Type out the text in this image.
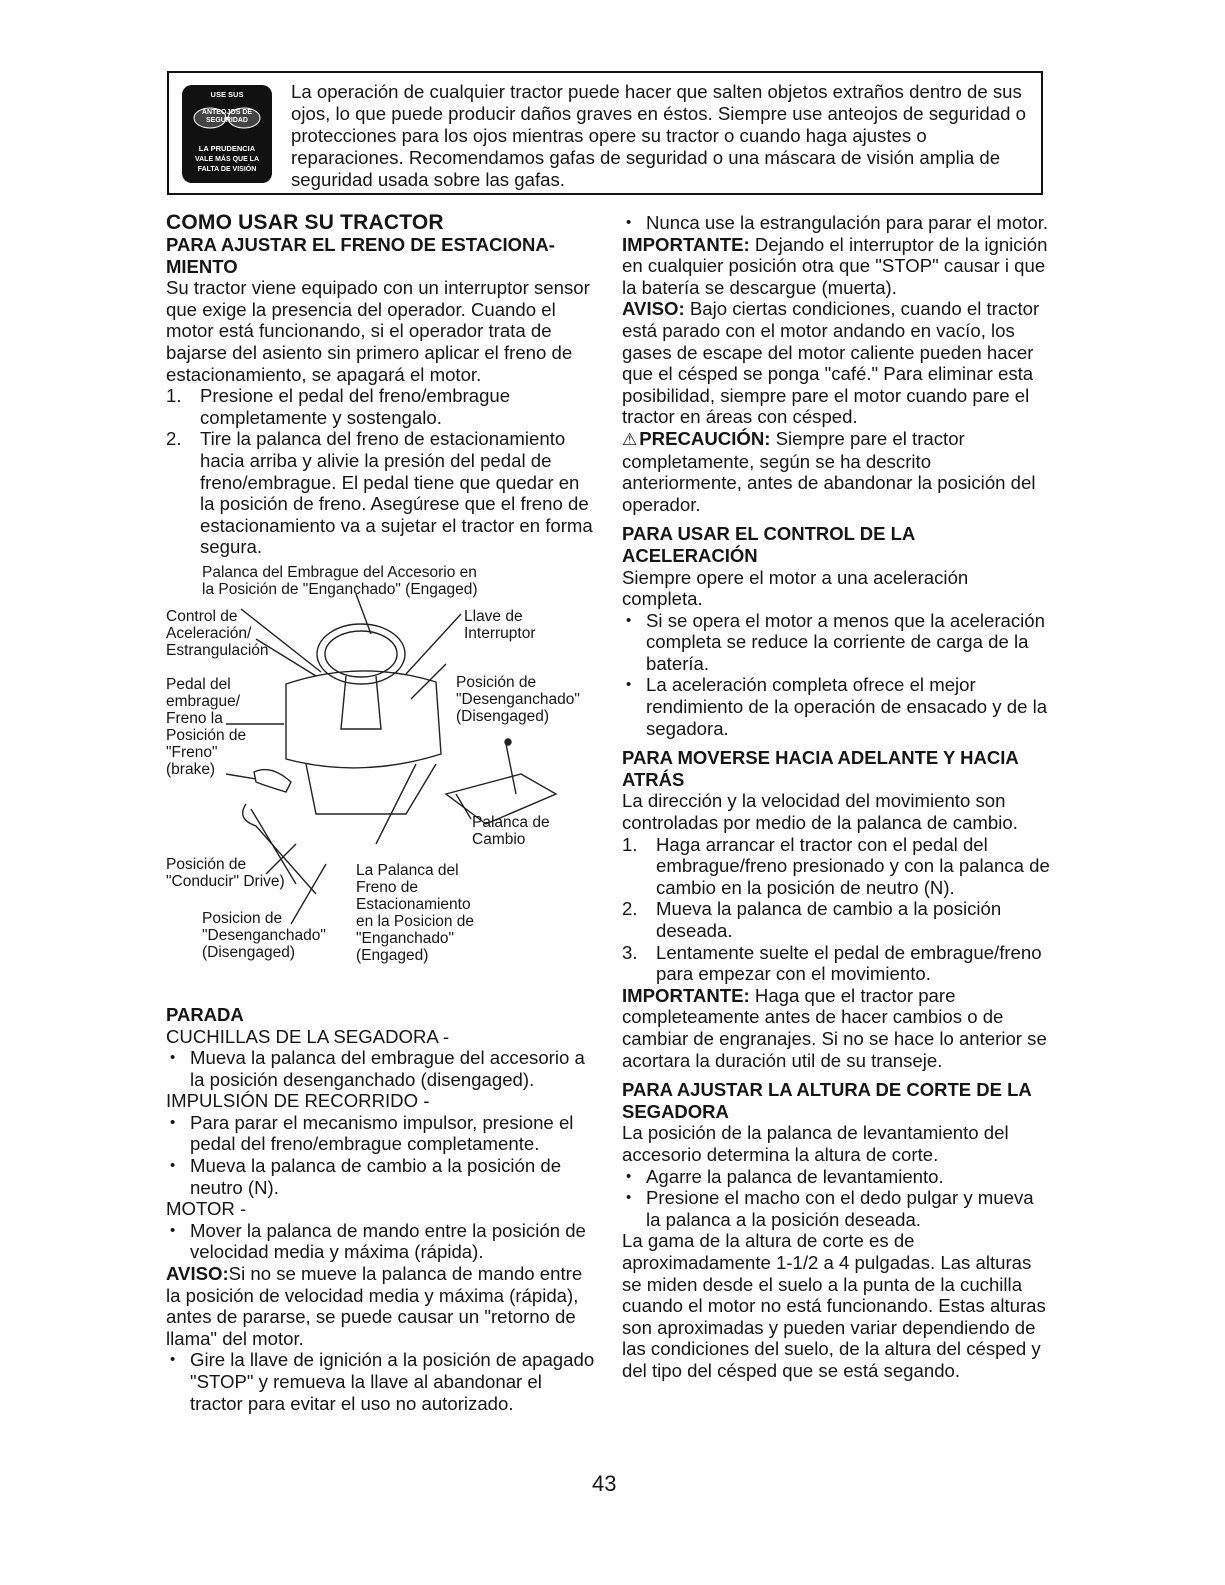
USE SUS
ANTEOJOS DE
SEGURIDAD
LA PRUDENCIA
VALE MÁS QUE LA
FALTA DE VISIÓN

La operación de cualquier tractor puede hacer que salten objetos extraños dentro de sus ojos, lo que puede producir daños graves en éstos. Siempre use anteojos de seguridad o protecciones para los ojos mientras opere su tractor o cuando haga ajustes o reparaciones. Recomendamos gafas de seguridad o una máscara de visión amplia de seguridad usada sobre las gafas.

COMO USAR SU TRACTOR
PARA AJUSTAR EL FRENO DE ESTACIONA-MIENTO

Su tractor viene equipado con un interruptor sensor que exige la presencia del operador. Cuando el motor está funcionando, si el operador trata de bajarse del asiento sin primero aplicar el freno de estacionamiento, se apagará el motor.

1. Presione el pedal del freno/embrague completamente y sostengalo.
2. Tire la palanca del freno de estacionamiento hacia arriba y alivie la presión del pedal de freno/embrague. El pedal tiene que quedar en la posición de freno. Asegúrese que el freno de estacionamiento va a sujetar el tractor en forma segura.
Palanca del Embrague del Accesorio en
la Posición de "Enganchado" (Engaged)
Control de
Aceleración/
Estrangulación
Llave de
Interruptor
Pedal del
embrague/
Freno la
Posición de
"Freno"
(brake)
Posición de
"Desenganchado"
(Disengaged)
Palanca de
Cambio
Posición de
"Conducir" Drive)
La Palanca del
Freno de
Estacionamiento
en la Posicion de
"Enganchado"
(Engaged)
Posicion de
"Desenganchado"
(Disengaged)
PARADA

CUCHILLAS DE LA SEGADORA -

• Mueva la palanca del embrague del accesorio a la posición desenganchado (disengaged).

IMPULSIÓN DE RECORRIDO -

• Para parar el mecanismo impulsor, presione el pedal del freno/embrague completamente.
• Mueva la palanca de cambio a la posición de neutro (N).

MOTOR -

• Mover la palanca de mando entre la posición de velocidad media y máxima (rápida).

AVISO:Si no se mueve la palanca de mando entre la posición de velocidad media y máxima (rápida), antes de pararse, se puede causar un "retorno de llama" del motor.

• Gire la llave de ignición a la posición de apagado "STOP" y remueva la llave al abandonar el tractor para evitar el uso no autorizado.
• Nunca use la estrangulación para parar el motor.

IMPORTANTE: Dejando el interruptor de la ignición en cualquier posición otra que "STOP" causar i que la batería se descargue (muerta).

AVISO: Bajo ciertas condiciones, cuando el tractor está parado con el motor andando en vacío, los gases de escape del motor caliente pueden hacer que el césped se ponga "café." Para eliminar esta posibilidad, siempre pare el motor cuando pare el tractor en áreas con césped.

⚠ PRECAUCIÓN: Siempre pare el tractor completamente, según se ha descrito anteriormente, antes de abandonar la posición del operador.

PARA USAR EL CONTROL DE LA ACELERACIÓN

Siempre opere el motor a una aceleración completa.

• Si se opera el motor a menos que la aceleración completa se reduce la corriente de carga de la batería.
• La aceleración completa ofrece el mejor rendimiento de la operación de ensacado y de la segadora.
PARA MOVERSE HACIA ADELANTE Y HACIA ATRÁS

La dirección y la velocidad del movimiento son controladas por medio de la palanca de cambio.

1. Haga arrancar el tractor con el pedal del embrague/freno presionado y con la palanca de cambio en la posición de neutro (N).
2. Mueva la palanca de cambio a la posición deseada.
3. Lentamente suelte el pedal de embrague/freno para empezar con el movimiento.

IMPORTANTE: Haga que el tractor pare completeamente antes de hacer cambios o de cambiar de engranajes. Si no se hace lo anterior se acortara la duración util de su transeje.

PARA AJUSTAR LA ALTURA DE CORTE DE LA SEGADORA

La posición de la palanca de levantamiento del accesorio determina la altura de corte.

• Agarre la palanca de levantamiento.
• Presione el macho con el dedo pulgar y mueva la palanca a la posición deseada.

La gama de la altura de corte es de aproximadamente 1-1/2 a 4 pulgadas. Las alturas se miden desde el suelo a la punta de la cuchilla cuando el motor no está funcionando. Estas alturas son aproximadas y pueden variar dependiendo de las condiciones del suelo, de la altura del césped y del tipo del césped que se está segando.

43
